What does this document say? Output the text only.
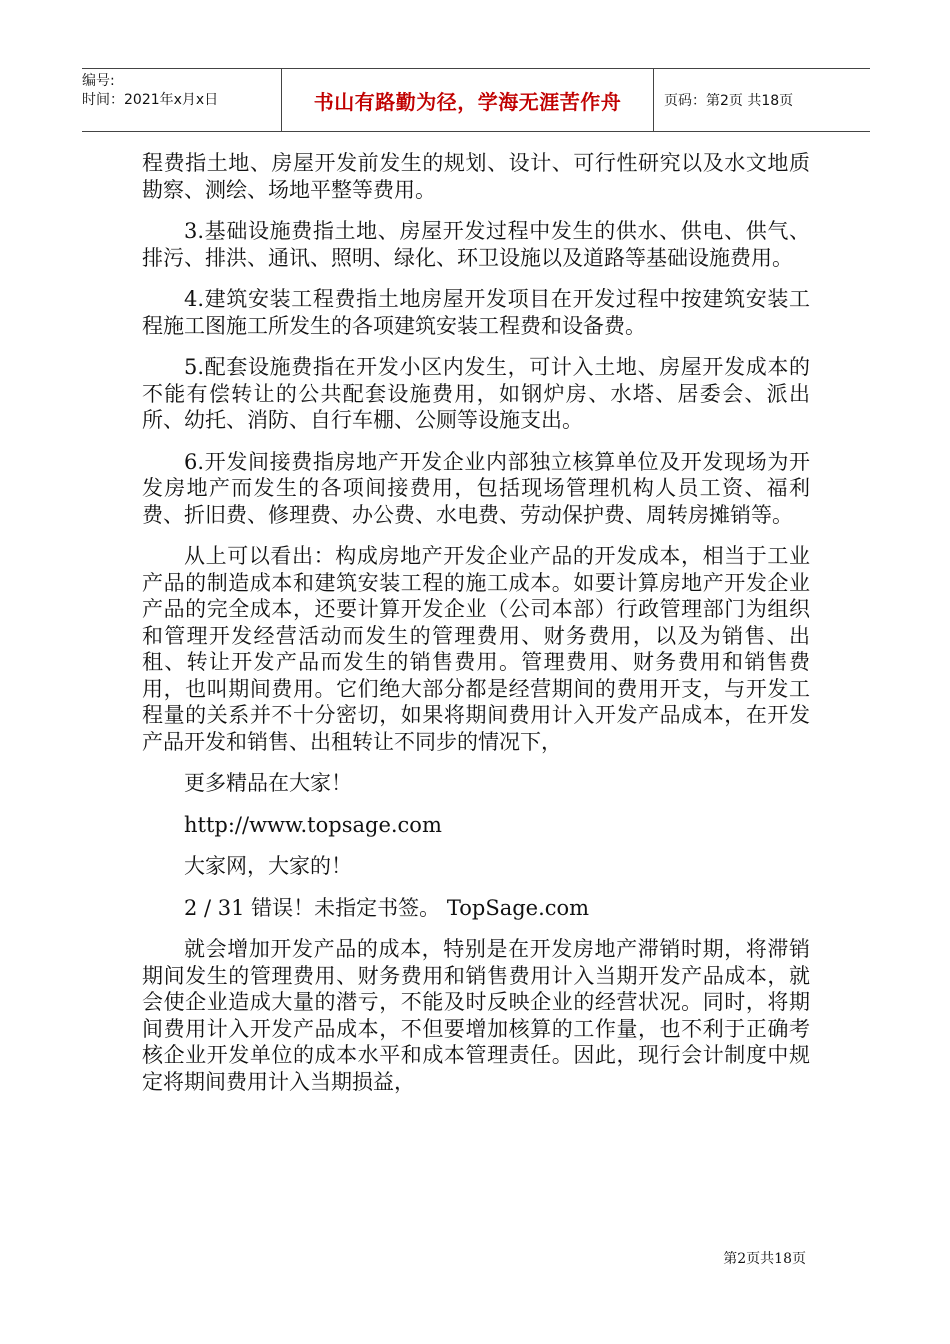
编号:
时间：2021年x月x日	书山有路勤为径，学海无涯苦作舟	页码：第2页 共18页

程费指土地、房屋开发前发生的规划、设计、可行性研究以及水文地质勘察、测绘、场地平整等费用。

3.基础设施费指土地、房屋开发过程中发生的供水、供电、供气、排污、排洪、通讯、照明、绿化、环卫设施以及道路等基础设施费用。

4.建筑安装工程费指土地房屋开发项目在开发过程中按建筑安装工程施工图施工所发生的各项建筑安装工程费和设备费。

5.配套设施费指在开发小区内发生，可计入土地、房屋开发成本的不能有偿转让的公共配套设施费用，如钢炉房、水塔、居委会、派出所、幼托、消防、自行车棚、公厕等设施支出。

6.开发间接费指房地产开发企业内部独立核算单位及开发现场为开发房地产而发生的各项间接费用，包括现场管理机构人员工资、福利费、折旧费、修理费、办公费、水电费、劳动保护费、周转房摊销等。

从上可以看出：构成房地产开发企业产品的开发成本，相当于工业产品的制造成本和建筑安装工程的施工成本。如要计算房地产开发企业产品的完全成本，还要计算开发企业（公司本部）行政管理部门为组织和管理开发经营活动而发生的管理费用、财务费用，以及为销售、出租、转让开发产品而发生的销售费用。管理费用、财务费用和销售费用，也叫期间费用。它们绝大部分都是经营期间的费用开支，与开发工程量的关系并不十分密切，如果将期间费用计入开发产品成本，在开发产品开发和销售、出租转让不同步的情况下，

更多精品在大家！

http://www.topsage.com

大家网，大家的！

2 / 31 错误！未指定书签。 TopSage.com

就会增加开发产品的成本，特别是在开发房地产滞销时期，将滞销期间发生的管理费用、财务费用和销售费用计入当期开发产品成本，就会使企业造成大量的潜亏，不能及时反映企业的经营状况。同时，将期间费用计入开发产品成本，不但要增加核算的工作量，也不利于正确考核企业开发单位的成本水平和成本管理责任。因此，现行会计制度中规定将期间费用计入当期损益，

第2页共18页
